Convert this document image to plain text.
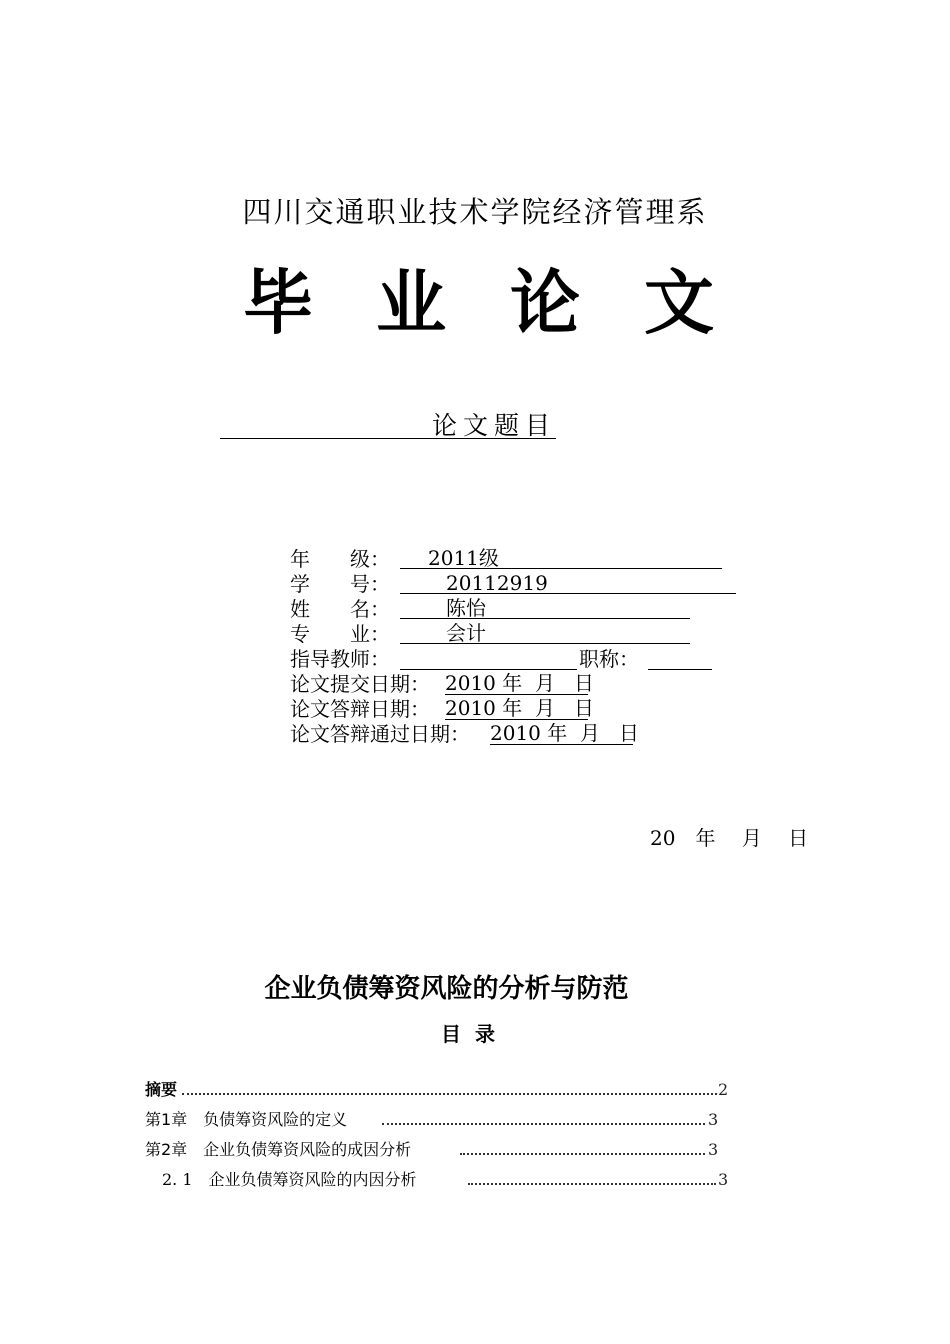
四川交通职业技术学院经济管理系
毕 业 论 文
论文题目
年　　级：	2011级
学　　号：	20112919
姓　　名：	陈怡
专　　业：	会计
指导教师：	职称：
论文提交日期： 2010 年  月   日
论文答辩日期： 2010 年  月   日
论文答辩通过日期： 2010 年  月   日
20　年　 月　 日
企业负债筹资风险的分析与防范
目录
摘要	2
第1章　负债筹资风险的定义	3
第2章　企业负债筹资风险的成因分析	3
2. 1　企业负债筹资风险的内因分析	3
